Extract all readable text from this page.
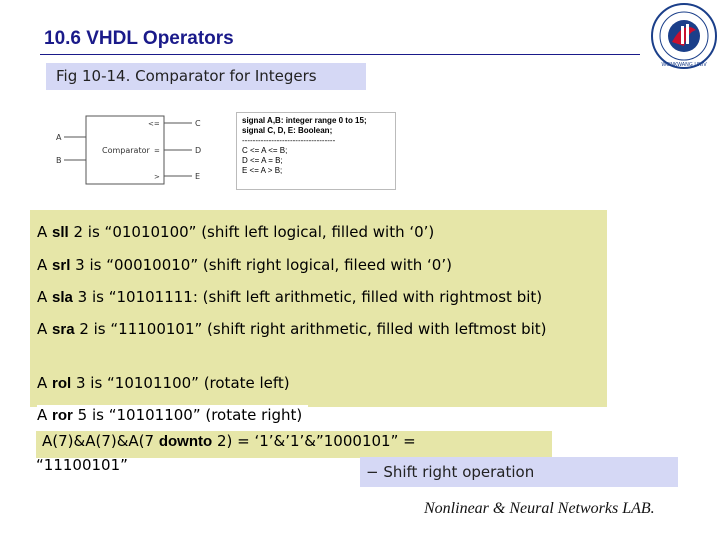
10.6 VHDL Operators
WONKWANG UNIV
Fig 10-14. Comparator for Integers
A
B
Comparator
<=
=
>
C
D
E
signal A,B: integer range 0 to 15;
signal C, D, E: Boolean;
-----------------------------------
C <= A <= B;
D <= A = B;
E <= A > B;
A sll 2 is “01010100” (shift left logical, filled with ‘0’)
A srl 3 is “00010010” (shift right logical, fileed with ‘0’)
A sla 3 is “10101111: (shift left arithmetic, filled with rightmost bit)
A sra 2 is “11100101” (shift right arithmetic, filled with leftmost bit)
A rol 3 is “10101100” (rotate left)
A ror 5 is “10101100” (rotate right)
A(7)&A(7)&A(7 downto 2) = ‘1’&’1’&”1000101” =
“11100101”	− Shift right operation
Nonlinear & Neural Networks LAB.
